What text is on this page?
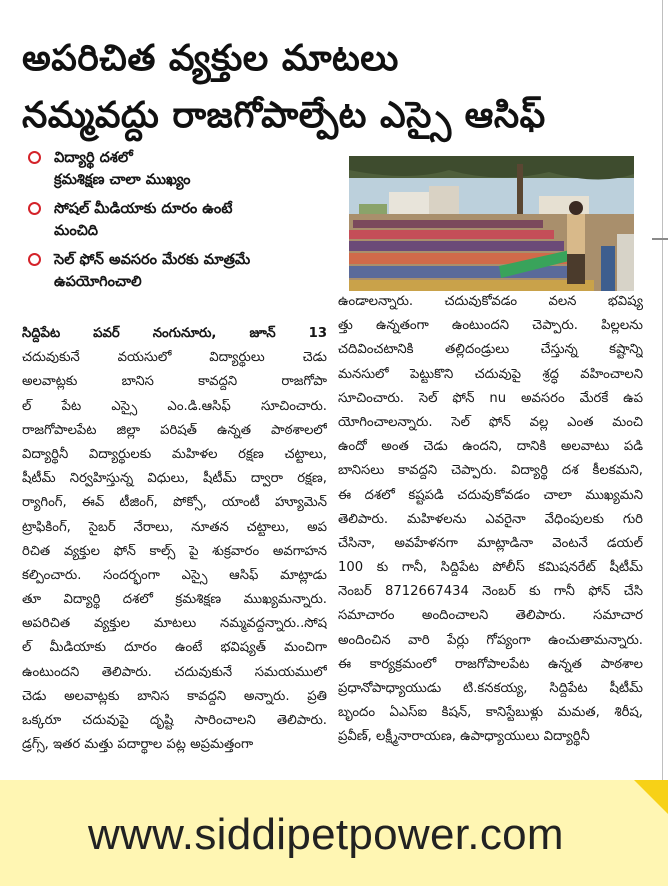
అపరిచిత వ్యక్తుల మాటలు
నమ్మవద్దు రాజగోపాల్పేట ఎస్సై ఆసిఫ్
విద్యార్థి దశలో
క్రమశిక్షణ చాలా ముఖ్యం
సోషల్ మీడియాకు దూరం ఉంటే
మంచిది
సెల్ ఫోన్ అవసరం మేరకు మాత్రమే
ఉపయోగించాలి
సిద్దిపేట పవర్ నంగునూరు, జూన్ 13
చదువుకునే వయసులో విద్యార్థులు చెడు
అలవాట్లకు బానిస కావద్దని రాజగోపా
ల్ పేట ఎస్సై ఎం.డి.ఆసిఫ్ సూచించారు.
రాజగోపాలపేట జిల్లా పరిషత్ ఉన్నత పాఠశాలలో
విద్యార్థినీ విద్యార్థులకు మహిళల రక్షణ చట్టాలు,
షీటీమ్ నిర్వహిస్తున్న విధులు, షీటీమ్ ద్వారా రక్షణ,
ర్యాగింగ్, ఈవ్ టీజింగ్, పోక్సో, యాంటీ హ్యూమెన్
ట్రాఫికింగ్, సైబర్ నేరాలు, నూతన చట్టాలు, అప
రిచిత వ్యక్తుల ఫోన్ కాల్స్ పై శుక్రవారం అవగాహన
కల్పించారు. సందర్భంగా ఎస్సై ఆసిఫ్ మాట్లాడు
తూ విద్యార్థి దశలో క్రమశిక్షణ ముఖ్యమన్నారు.
అపరిచిత వ్యక్తుల మాటలు నమ్మవద్దన్నారు..సోష
ల్ మీడియాకు దూరం ఉంటే భవిష్యత్ మంచిగా
ఉంటుందని తెలిపారు. చదువుకునే సమయములో
చెడు అలవాట్లకు బానిస కావద్దని అన్నారు. ప్రతి
ఒక్కరూ చదువుపై దృష్టి సారించాలని తెలిపారు.
డ్రగ్స్, ఇతర మత్తు పదార్థాల పట్ల అప్రమత్తంగా
ఉండాలన్నారు. చదువుకోవడం వలన భవిష్య
త్తు ఉన్నతంగా ఉంటుందని చెప్పారు. పిల్లలను
చదివించటానికి తల్లిదండ్రులు చేస్తున్న కష్టాన్ని
మనసులో పెట్టుకొని చదువుపై శ్రద్ధ వహించాలని
సూచించారు. సెల్ ఫోన్ nu అవసరం మేరకే ఉప
యోగించాలన్నారు. సెల్ ఫోన్ వల్ల ఎంత మంచి
ఉందో అంత చెడు ఉందని, దానికి అలవాటు పడి
బానిసలు కావద్దని చెప్పారు. విద్యార్థి దశ కీలకమని,
ఈ దశలో కష్టపడి చదువుకోవడం చాలా ముఖ్యమని
తెలిపారు. మహిళలను ఎవరైనా వేధింపులకు గురి
చేసినా, అవహేళనగా మాట్లాడినా వెంటనే డయల్
100 కు గానీ, సిద్దిపేట పోలీస్ కమిషనరేట్ షీటీమ్
నెంబర్ 8712667434 నెంబర్ కు గానీ ఫోన్ చేసి
సమాచారం అందించాలని తెలిపారు. సమాచార
అందించిన వారి పేర్లు గోప్యంగా ఉంచుతామన్నారు.
ఈ కార్యక్రమంలో రాజగోపాలపేట ఉన్నత పాఠశాల
ప్రధానోపాధ్యాయుడు టి.కనకయ్య, సిద్దిపేట షీటీమ్
బృందం ఏఎస్ఐ కిషన్, కానిస్టేబుళ్లు మమత, శిరీష,
ప్రవీణ్, లక్ష్మీనారాయణ, ఉపాధ్యాయులు విద్యార్థినీ
www.siddipetpower.com
